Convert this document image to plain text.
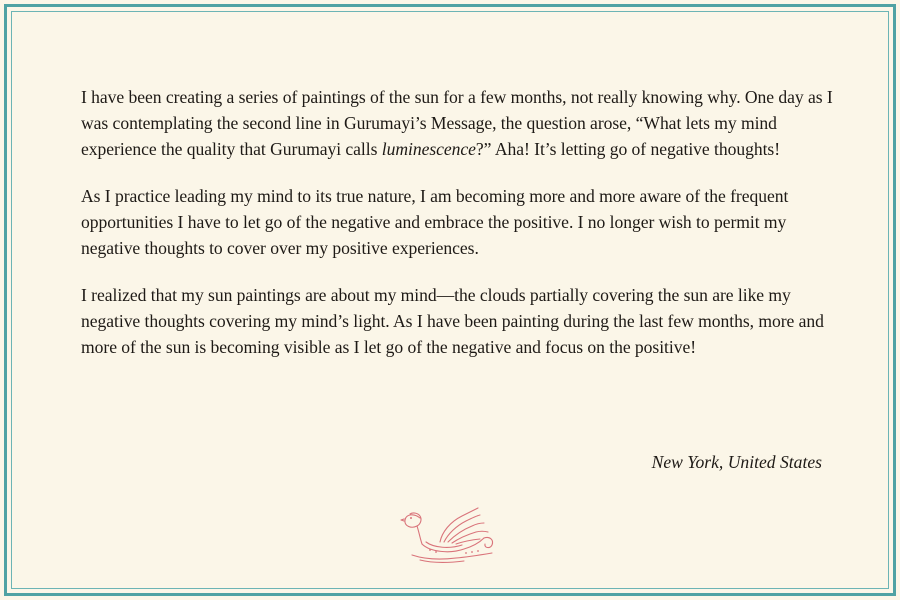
I have been creating a series of paintings of the sun for a few months, not really knowing why. One day as I was contemplating the second line in Gurumayi’s Message, the question arose, “What lets my mind experience the quality that Gurumayi calls luminescence?” Aha! It’s letting go of negative thoughts!

As I practice leading my mind to its true nature, I am becoming more and more aware of the frequent opportunities I have to let go of the negative and embrace the positive. I no longer wish to permit my negative thoughts to cover over my positive experiences.

I realized that my sun paintings are about my mind—the clouds partially covering the sun are like my negative thoughts covering my mind’s light. As I have been painting during the last few months, more and more of the sun is becoming visible as I let go of the negative and focus on the positive!

New York, United States
